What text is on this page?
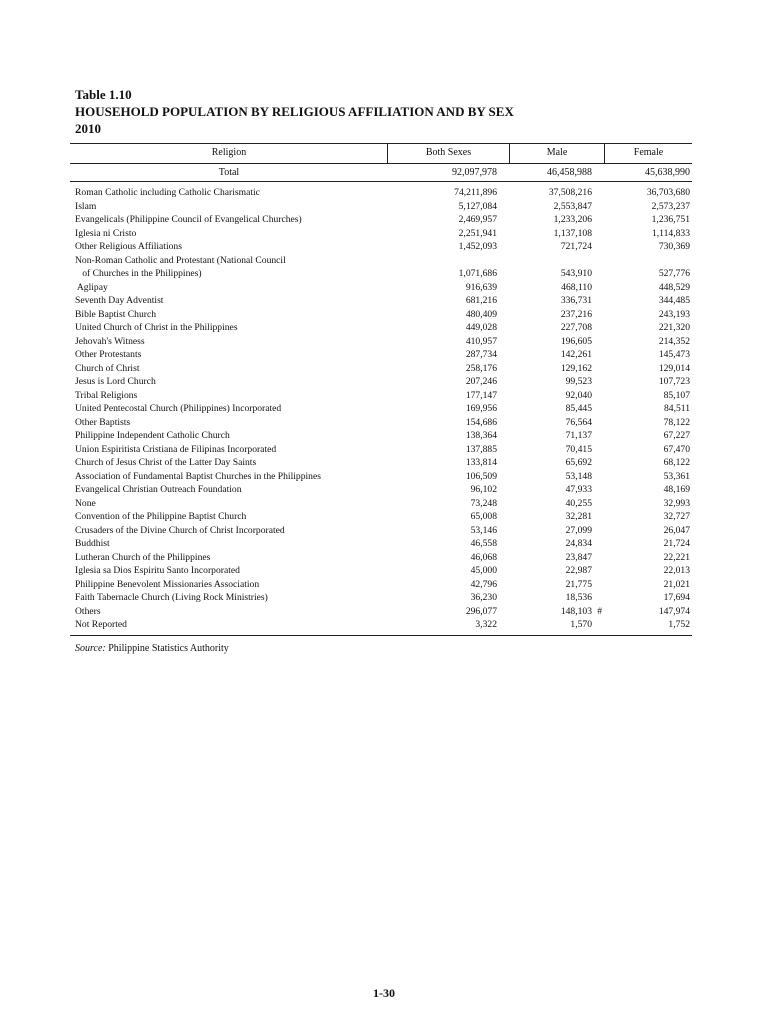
Table 1.10
HOUSEHOLD POPULATION BY RELIGIOUS AFFILIATION AND BY SEX
2010
Religion	Both Sexes	Male	Female
Total	92,097,978	46,458,988	45,638,990
Roman Catholic including Catholic Charismatic	74,211,896	37,508,216	36,703,680
Islam	5,127,084	2,553,847	2,573,237
Evangelicals (Philippine Council of Evangelical Churches)	2,469,957	1,233,206	1,236,751
Iglesia ni Cristo	2,251,941	1,137,108	1,114,833
Other Religious Affiliations	1,452,093	721,724	730,369
Non-Roman Catholic and Protestant (National Council
of Churches in the Philippines)	1,071,686	543,910	527,776
Aglipay	916,639	468,110	448,529
Seventh Day Adventist	681,216	336,731	344,485
Bible Baptist Church	480,409	237,216	243,193
United Church of Christ in the Philippines	449,028	227,708	221,320
Jehovah's Witness	410,957	196,605	214,352
Other Protestants	287,734	142,261	145,473
Church of Christ	258,176	129,162	129,014
Jesus is Lord Church	207,246	99,523	107,723
Tribal Religions	177,147	92,040	85,107
United Pentecostal Church (Philippines) Incorporated	169,956	85,445	84,511
Other Baptists	154,686	76,564	78,122
Philippine Independent Catholic Church	138,364	71,137	67,227
Union Espiritista Cristiana de Filipinas Incorporated	137,885	70,415	67,470
Church of Jesus Christ of the Latter Day Saints	133,814	65,692	68,122
Association of Fundamental Baptist Churches in the Philippines	106,509	53,148	53,361
Evangelical Christian Outreach Foundation	96,102	47,933	48,169
None	73,248	40,255	32,993
Convention of the Philippine Baptist Church	65,008	32,281	32,727
Crusaders of the Divine Church of Christ Incorporated	53,146	27,099	26,047
Buddhist	46,558	24,834	21,724
Lutheran Church of the Philippines	46,068	23,847	22,221
Iglesia sa Dios Espiritu Santo Incorporated	45,000	22,987	22,013
Philippine Benevolent Missionaries Association	42,796	21,775	21,021
Faith Tabernacle Church (Living Rock Ministries)	36,230	18,536	17,694
Others	296,077	148,103 #	147,974
Not Reported	3,322	1,570	1,752
Source: Philippine Statistics Authority
1-30
